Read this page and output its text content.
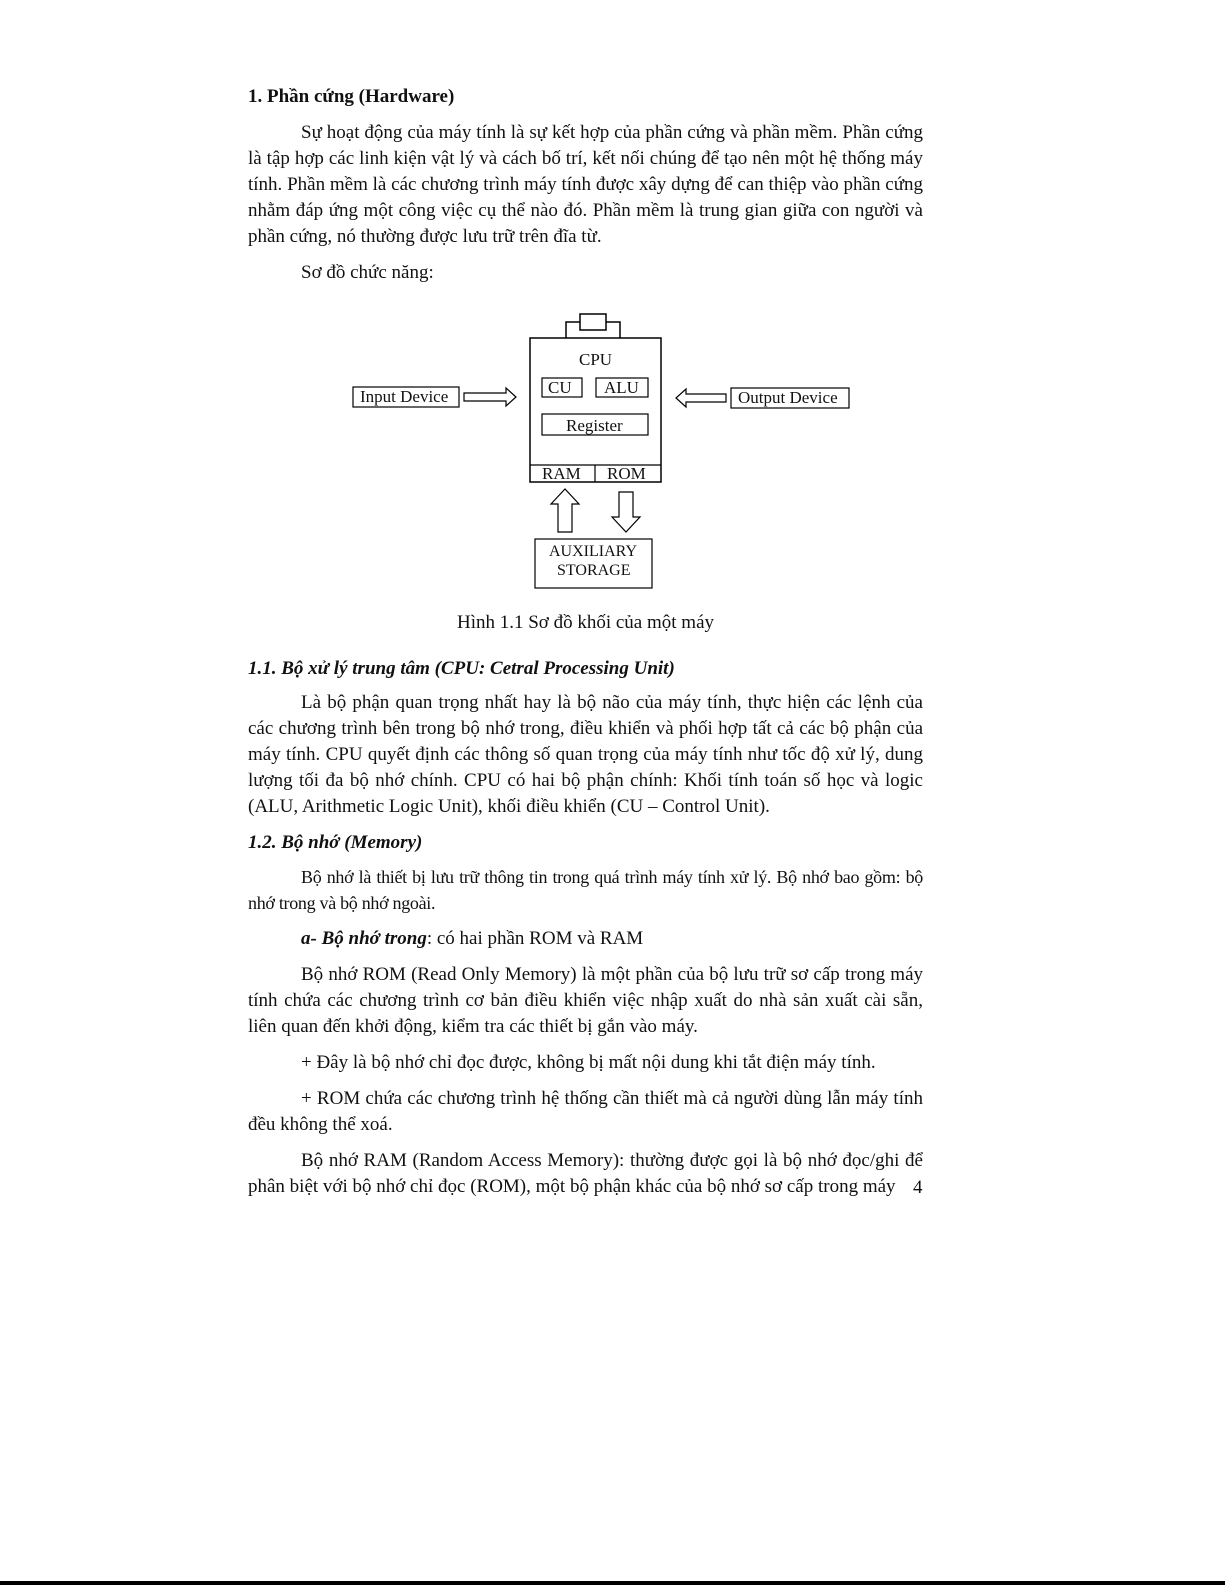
1. Phần cứng (Hardware)

Sự hoạt động của máy tính là sự kết hợp của phần cứng và phần mềm. Phần cứng là tập hợp các linh kiện vật lý và cách bố trí, kết nối chúng để tạo nên một hệ thống máy tính. Phần mềm là các chương trình máy tính được xây dựng để can thiệp vào phần cứng nhằm đáp ứng một công việc cụ thể nào đó. Phần mềm là trung gian giữa con người và phần cứng, nó thường được lưu trữ trên đĩa từ.

Sơ đồ chức năng:

CPU
CU ALU
Register
RAM ROM
Input Device	Output Device
AUXILIARY
STORAGE
Hình 1.1 Sơ đồ khối của một máy
1.1. Bộ xử lý trung tâm (CPU: Cetral Processing Unit)

Là bộ phận quan trọng nhất hay là bộ não của máy tính, thực hiện các lệnh của các chương trình bên trong bộ nhớ trong, điều khiển và phối hợp tất cả các bộ phận của máy tính. CPU quyết định các thông số quan trọng của máy tính như tốc độ xử lý, dung lượng tối đa bộ nhớ chính. CPU có hai bộ phận chính: Khối tính toán số học và logic (ALU, Arithmetic Logic Unit), khối điều khiển (CU – Control Unit).

1.2. Bộ nhớ (Memory)

Bộ nhớ là thiết bị lưu trữ thông tin trong quá trình máy tính xử lý. Bộ nhớ bao gồm: bộ nhớ trong và bộ nhớ ngoài.

a- Bộ nhớ trong: có hai phần ROM và RAM

Bộ nhớ ROM (Read Only Memory) là một phần của bộ lưu trữ sơ cấp trong máy tính chứa các chương trình cơ bản điều khiển việc nhập xuất do nhà sản xuất cài sẵn, liên quan đến khởi động, kiểm tra các thiết bị gắn vào máy.

+ Đây là bộ nhớ chỉ đọc được, không bị mất nội dung khi tắt điện máy tính.

+ ROM chứa các chương trình hệ thống cần thiết mà cả người dùng lẫn máy tính đều không thể xoá.

Bộ nhớ RAM (Random Access Memory): thường được gọi là bộ nhớ đọc/ghi để phân biệt với bộ nhớ chỉ đọc (ROM), một bộ phận khác của bộ nhớ sơ cấp trong máy 4
